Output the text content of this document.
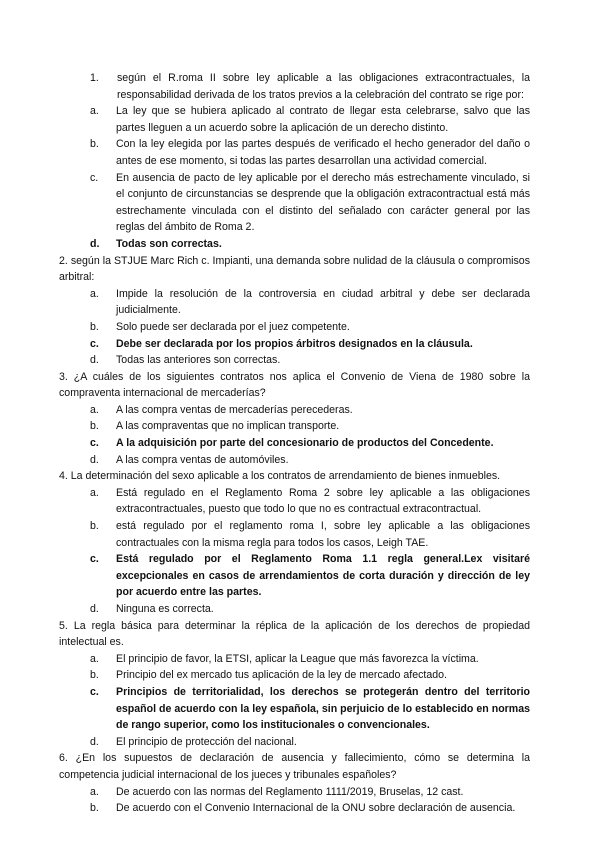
1. según el R.roma II sobre ley aplicable a las obligaciones extracontractuales, la responsabilidad derivada de los tratos previos a la celebración del contrato se rige por:
a. La ley que se hubiera aplicado al contrato de llegar esta celebrarse, salvo que las partes lleguen a un acuerdo sobre la aplicación de un derecho distinto.
b. Con la ley elegida por las partes después de verificado el hecho generador del daño o antes de ese momento, si todas las partes desarrollan una actividad comercial.
c. En ausencia de pacto de ley aplicable por el derecho más estrechamente vinculado, si el conjunto de circunstancias se desprende que la obligación extracontractual está más estrechamente vinculada con el distinto del señalado con carácter general por las reglas del ámbito de Roma 2.
d. Todas son correctas.
2. según la STJUE Marc Rich c. Impianti, una demanda sobre nulidad de la cláusula o compromisos arbitral:
a. Impide la resolución de la controversia en ciudad arbitral y debe ser declarada judicialmente.
b. Solo puede ser declarada por el juez competente.
c. Debe ser declarada por los propios árbitros designados en la cláusula.
d. Todas las anteriores son correctas.
3. ¿A cuáles de los siguientes contratos nos aplica el Convenio de Viena de 1980 sobre la compraventa internacional de mercaderías?
a. A las compra ventas de mercaderías perecederas.
b. A las compraventas que no implican transporte.
c. A la adquisición por parte del concesionario de productos del Concedente.
d. A las compra ventas de automóviles.
4. La determinación del sexo aplicable a los contratos de arrendamiento de bienes inmuebles.
a. Está regulado en el Reglamento Roma 2 sobre ley aplicable a las obligaciones extracontractuales, puesto que todo lo que no es contractual extracontractual.
b. está regulado por el reglamento roma I, sobre ley aplicable a las obligaciones contractuales con la misma regla para todos los casos, Leigh TAE.
c. Está regulado por el Reglamento Roma 1.1 regla general.Lex visitaré excepcionales en casos de arrendamientos de corta duración y dirección de ley por acuerdo entre las partes.
d. Ninguna es correcta.
5. La regla básica para determinar la réplica de la aplicación de los derechos de propiedad intelectual es.
a. El principio de favor, la ETSI, aplicar la League que más favorezca la víctima.
b. Principio del ex mercado tus aplicación de la ley de mercado afectado.
c. Principios de territorialidad, los derechos se protegerán dentro del territorio español de acuerdo con la ley española, sin perjuicio de lo establecido en normas de rango superior, como los institucionales o convencionales.
d. El principio de protección del nacional.
6. ¿En los supuestos de declaración de ausencia y fallecimiento, cómo se determina la competencia judicial internacional de los jueces y tribunales españoles?
a. De acuerdo con las normas del Reglamento 1111/2019, Bruselas, 12 cast.
b. De acuerdo con el Convenio Internacional de la ONU sobre declaración de ausencia.
